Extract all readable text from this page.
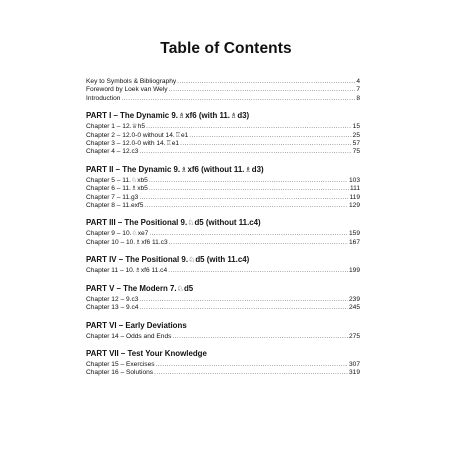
Table of Contents
Key to Symbols & Bibliography .....	4
Foreword by Loek van Wely .....	7
Introduction .....	8
PART I – The Dynamic 9.♗xf6 (with 11.♗d3)
Chapter 1 – 12.♕h5 .....	15
Chapter 2 – 12.0-0 without 14.♖e1 .....	25
Chapter 3 – 12.0-0 with 14.♖e1 .....	57
Chapter 4 – 12.c3 .....	75
PART II – The Dynamic 9.♗xf6 (without 11.♗d3)
Chapter 5 – 11.♘xb5 .....	103
Chapter 6 – 11.♗xb5 .....	111
Chapter 7 – 11.g3 .....	119
Chapter 8 – 11.exf5 .....	129
PART III – The Positional 9.♘d5 (without 11.c4)
Chapter 9 – 10.♘xe7 .....	159
Chapter 10 – 10.♗xf6 11.c3 .....	167
PART IV – The Positional 9.♘d5 (with 11.c4)
Chapter 11 – 10.♗xf6 11.c4 .....	199
PART V – The Modern 7.♘d5
Chapter 12 – 9.c3 .....	239
Chapter 13 – 9.c4 .....	245
PART VI – Early Deviations
Chapter 14 – Odds and Ends .....	275
PART VII – Test Your Knowledge
Chapter 15 – Exercises .....	307
Chapter 16 – Solutions .....	319
